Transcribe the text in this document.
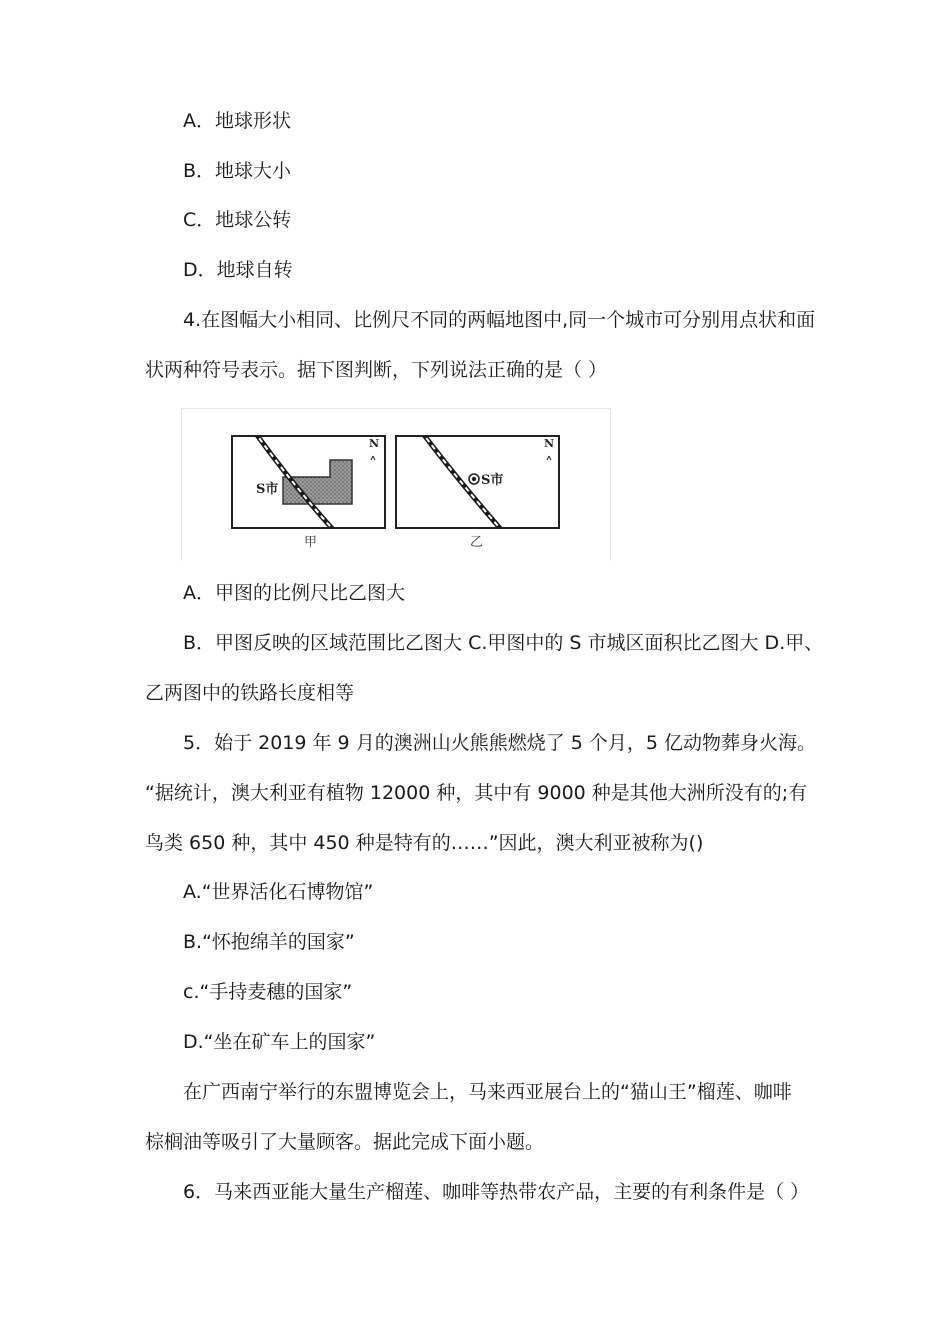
A．地球形状
B．地球大小
C．地球公转
D．地球自转
4.在图幅大小相同、比例尺不同的两幅地图中,同一个城市可分别用点状和面
状两种符号表示。据下图判断，下列说法正确的是（ ）
S市
N
甲
S市
N
乙
A．甲图的比例尺比乙图大
B．甲图反映的区域范围比乙图大 C.甲图中的 S 市城区面积比乙图大 D.甲、
乙两图中的铁路长度相等
5．始于 2019 年 9 月的澳洲山火熊熊燃烧了 5 个月，5 亿动物葬身火海。
“据统计，澳大利亚有植物 12000 种，其中有 9000 种是其他大洲所没有的;有
鸟类 650 种，其中 450 种是特有的……”因此，澳大利亚被称为()
A.“世界活化石博物馆”
B.“怀抱绵羊的国家”
c.“手持麦穗的国家”
D.“坐在矿车上的国家”
在广西南宁举行的东盟博览会上，马来西亚展台上的“猫山王”榴莲、咖啡
棕榈油等吸引了大量顾客。据此完成下面小题。
6．马来西亚能大量生产榴莲、咖啡等热带农产品，主要的有利条件是（ ）
